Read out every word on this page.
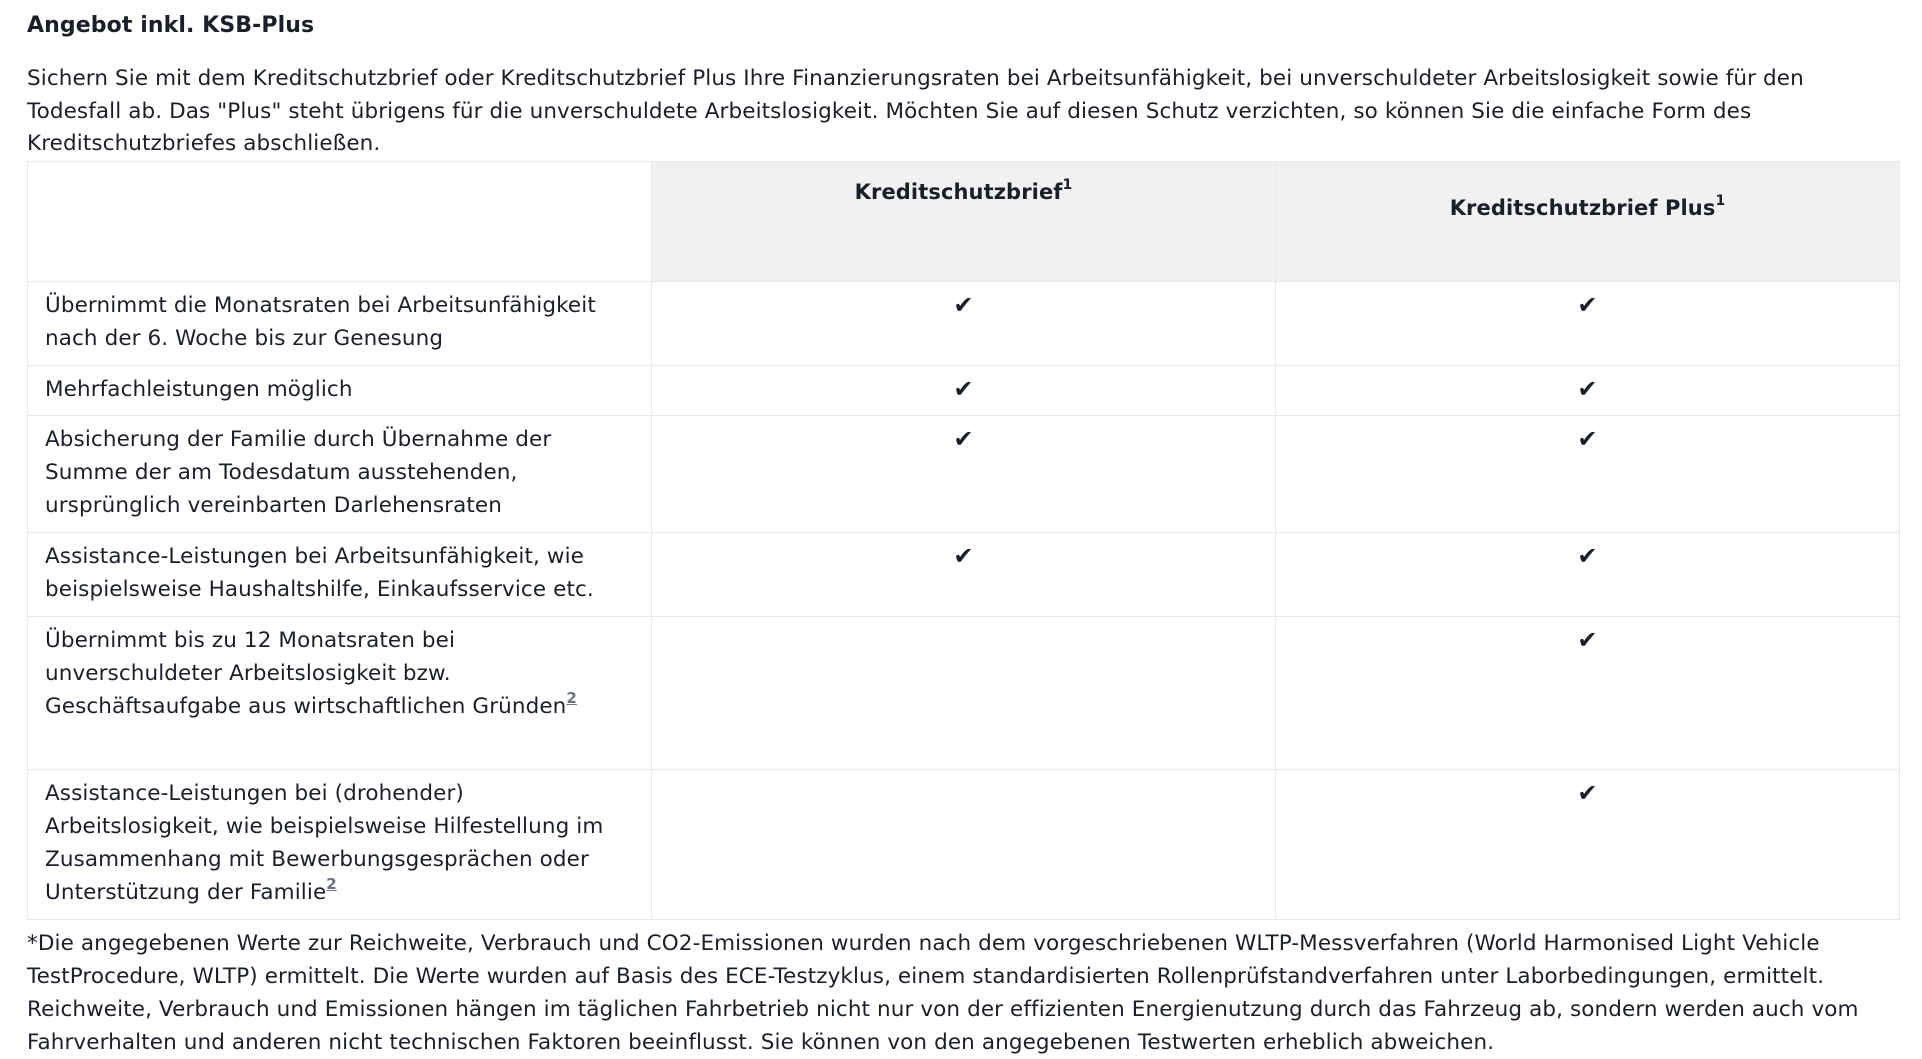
Angebot inkl. KSB-Plus

Sichern Sie mit dem Kreditschutzbrief oder Kreditschutzbrief Plus Ihre Finanzierungsraten bei Arbeitsunfähigkeit, bei unverschuldeter Arbeitslosigkeit sowie für den Todesfall ab. Das "Plus" steht übrigens für die unverschuldete Arbeitslosigkeit. Möchten Sie auf diesen Schutz verzichten, so können Sie die einfache Form des Kreditschutzbriefes abschließen.

	Kreditschutzbrief$^1$	Kreditschutzbrief Plus$^1$
Übernimmt die Monatsraten bei Arbeitsunfähigkeit nach der 6. Woche bis zur Genesung	✔	✔
Mehrfachleistungen möglich	✔	✔
Absicherung der Familie durch Übernahme der Summe der am Todesdatum ausstehenden, ursprünglich vereinbarten Darlehensraten	✔	✔
Assistance-Leistungen bei Arbeitsunfähigkeit, wie beispielsweise Haushaltshilfe, Einkaufsservice etc.	✔	✔
Übernimmt bis zu 12 Monatsraten bei unverschuldeter Arbeitslosigkeit bzw. Geschäftsaufgabe aus wirtschaftlichen Gründen$^2$		✔
Assistance-Leistungen bei (drohender) Arbeitslosigkeit, wie beispielsweise Hilfestellung im Zusammenhang mit Bewerbungsgesprächen oder Unterstützung der Familie$^2$		✔

*Die angegebenen Werte zur Reichweite, Verbrauch und CO2-Emissionen wurden nach dem vorgeschriebenen WLTP-Messverfahren (World Harmonised Light Vehicle TestProcedure, WLTP) ermittelt. Die Werte wurden auf Basis des ECE-Testzyklus, einem standardisierten Rollenprüfstandverfahren unter Laborbedingungen, ermittelt. Reichweite, Verbrauch und Emissionen hängen im täglichen Fahrbetrieb nicht nur von der effizienten Energienutzung durch das Fahrzeug ab, sondern werden auch vom Fahrverhalten und anderen nicht technischen Faktoren beeinflusst. Sie können von den angegebenen Testwerten erheblich abweichen.
